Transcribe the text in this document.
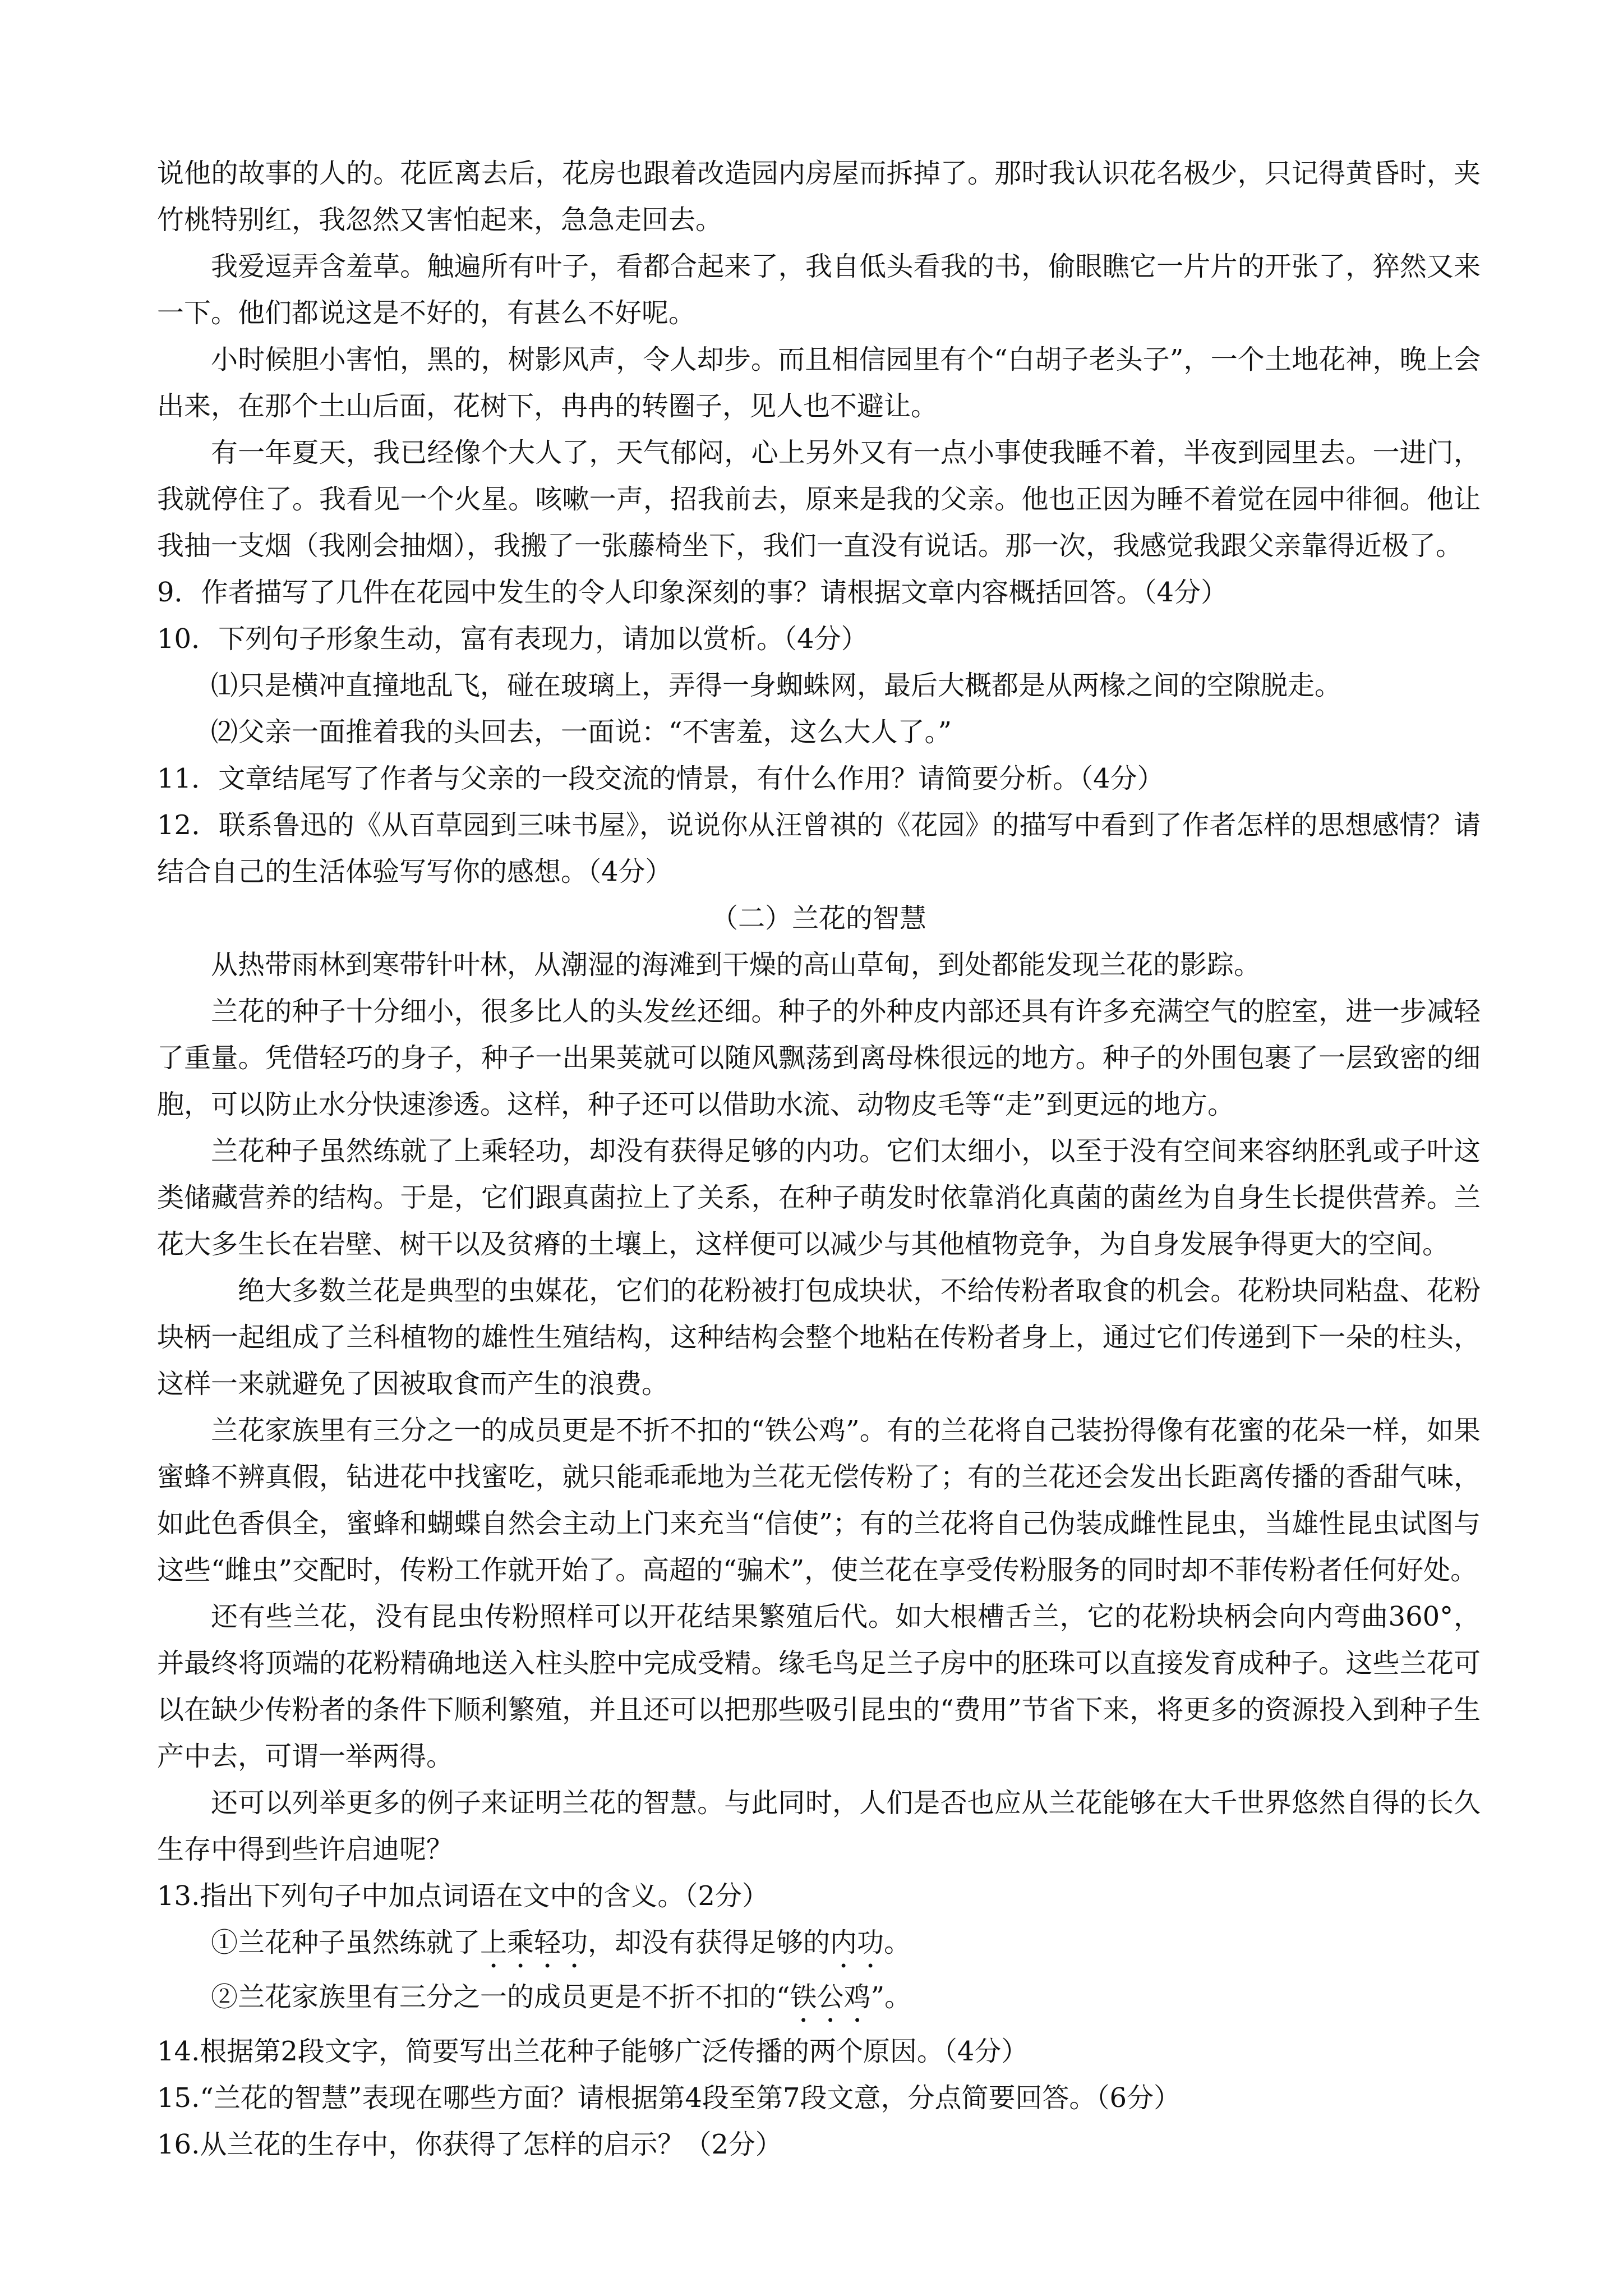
说他的故事的人的。花匠离去后，花房也跟着改造园内房屋而拆掉了。那时我认识花名极少，只记得黄昏时，夹竹桃特别红，我忽然又害怕起来，急急走回去。

我爱逗弄含羞草。触遍所有叶子，看都合起来了，我自低头看我的书，偷眼瞧它一片片的开张了，猝然又来一下。他们都说这是不好的，有甚么不好呢。

小时候胆小害怕，黑的，树影风声，令人却步。而且相信园里有个“白胡子老头子”，一个土地花神，晚上会出来，在那个土山后面，花树下，冉冉的转圈子，见人也不避让。

有一年夏天，我已经像个大人了，天气郁闷，心上另外又有一点小事使我睡不着，半夜到园里去。一进门，我就停住了。我看见一个火星。咳嗽一声，招我前去，原来是我的父亲。他也正因为睡不着觉在园中徘徊。他让我抽一支烟（我刚会抽烟），我搬了一张藤椅坐下，我们一直没有说话。那一次，我感觉我跟父亲靠得近极了。

9．作者描写了几件在花园中发生的令人印象深刻的事？请根据文章内容概括回答。（4分）

10．下列句子形象生动，富有表现力，请加以赏析。（4分）

⑴只是横冲直撞地乱飞，碰在玻璃上，弄得一身蜘蛛网，最后大概都是从两椽之间的空隙脱走。

⑵父亲一面推着我的头回去，一面说：“不害羞，这么大人了。”

11．文章结尾写了作者与父亲的一段交流的情景，有什么作用？请简要分析。（4分）

12．联系鲁迅的《从百草园到三味书屋》，说说你从汪曾祺的《花园》的描写中看到了作者怎样的思想感情？请结合自己的生活体验写写你的感想。（4分）

（二）兰花的智慧

从热带雨林到寒带针叶林，从潮湿的海滩到干燥的高山草甸，到处都能发现兰花的影踪。

兰花的种子十分细小，很多比人的头发丝还细。种子的外种皮内部还具有许多充满空气的腔室，进一步减轻了重量。凭借轻巧的身子，种子一出果荚就可以随风飘荡到离母株很远的地方。种子的外围包裹了一层致密的细胞，可以防止水分快速渗透。这样，种子还可以借助水流、动物皮毛等“走”到更远的地方。

兰花种子虽然练就了上乘轻功，却没有获得足够的内功。它们太细小，以至于没有空间来容纳胚乳或子叶这类储藏营养的结构。于是，它们跟真菌拉上了关系，在种子萌发时依靠消化真菌的菌丝为自身生长提供营养。兰花大多生长在岩壁、树干以及贫瘠的土壤上，这样便可以减少与其他植物竞争，为自身发展争得更大的空间。

绝大多数兰花是典型的虫媒花，它们的花粉被打包成块状，不给传粉者取食的机会。花粉块同粘盘、花粉块柄一起组成了兰科植物的雄性生殖结构，这种结构会整个地粘在传粉者身上，通过它们传递到下一朵的柱头，这样一来就避免了因被取食而产生的浪费。

兰花家族里有三分之一的成员更是不折不扣的“铁公鸡”。有的兰花将自己装扮得像有花蜜的花朵一样，如果蜜蜂不辨真假，钻进花中找蜜吃，就只能乖乖地为兰花无偿传粉了；有的兰花还会发出长距离传播的香甜气味，如此色香俱全，蜜蜂和蝴蝶自然会主动上门来充当“信使”；有的兰花将自己伪装成雌性昆虫，当雄性昆虫试图与这些“雌虫”交配时，传粉工作就开始了。高超的“骗术”，使兰花在享受传粉服务的同时却不菲传粉者任何好处。

还有些兰花，没有昆虫传粉照样可以开花结果繁殖后代。如大根槽舌兰，它的花粉块柄会向内弯曲360°，并最终将顶端的花粉精确地送入柱头腔中完成受精。缘毛鸟足兰子房中的胚珠可以直接发育成种子。这些兰花可以在缺少传粉者的条件下顺利繁殖，并且还可以把那些吸引昆虫的“费用”节省下来，将更多的资源投入到种子生产中去，可谓一举两得。

还可以列举更多的例子来证明兰花的智慧。与此同时，人们是否也应从兰花能够在大千世界悠然自得的长久生存中得到些许启迪呢？

13.指出下列句子中加点词语在文中的含义。（2分）

①兰花种子虽然练就了上乘轻功，却没有获得足够的内功。

②兰花家族里有三分之一的成员更是不折不扣的“铁公鸡”。

14.根据第2段文字，简要写出兰花种子能够广泛传播的两个原因。（4分）

15.“兰花的智慧”表现在哪些方面？请根据第4段至第7段文意，分点简要回答。（6分）

16.从兰花的生存中，你获得了怎样的启示？（2分）
